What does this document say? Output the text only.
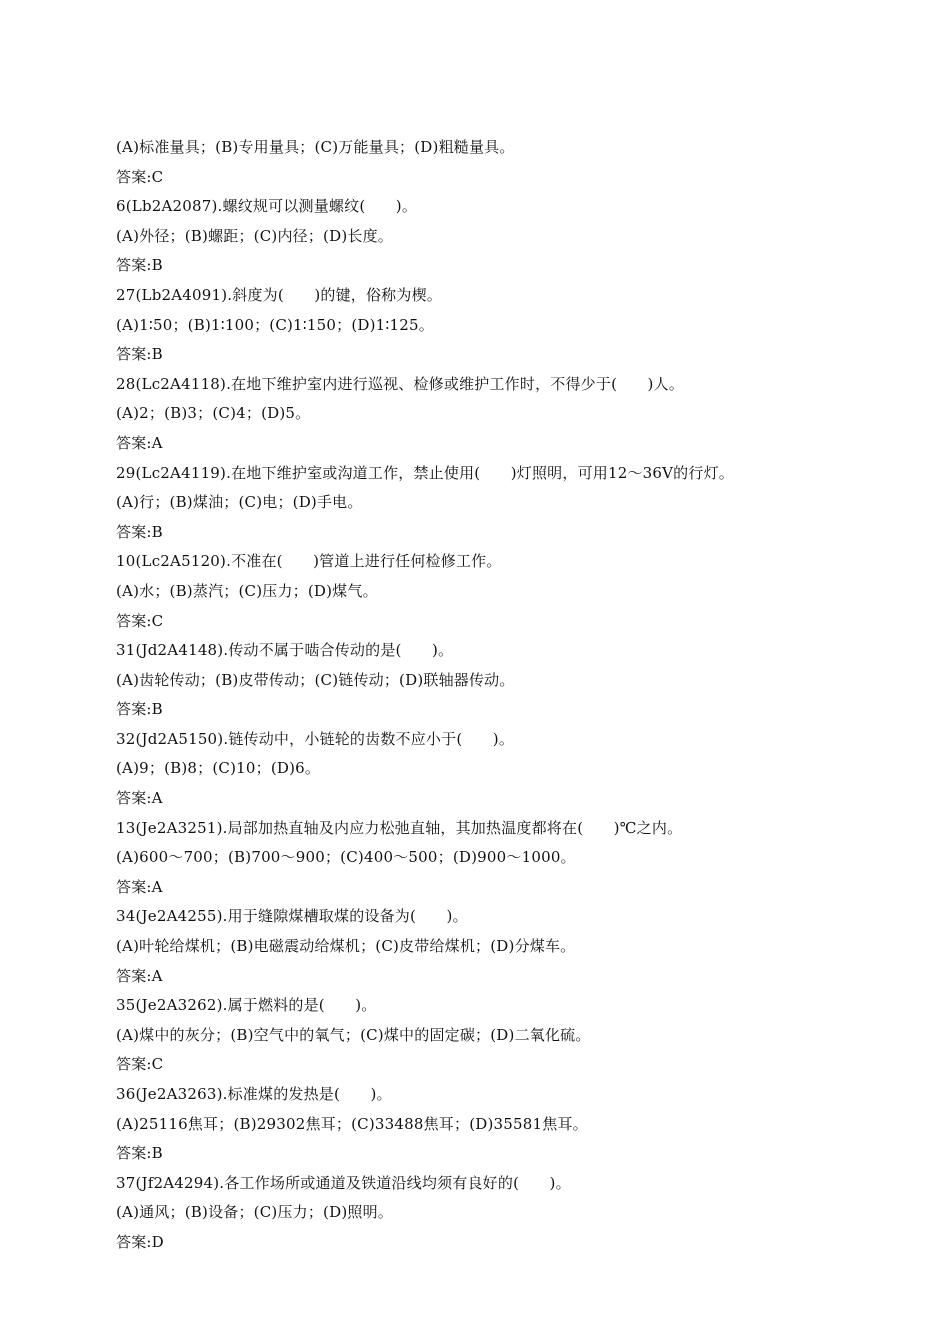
(A)标准量具；(B)专用量具；(C)万能量具；(D)粗糙量具。
答案:C
6(Lb2A2087).螺纹规可以测量螺纹(　　)。
(A)外径；(B)螺距；(C)内径；(D)长度。
答案:B
27(Lb2A4091).斜度为(　　)的键，俗称为楔。
(A)1∶50；(B)1∶100；(C)1∶150；(D)1∶125。
答案:B
28(Lc2A4118).在地下维护室内进行巡视、检修或维护工作时，不得少于(　　)人。
(A)2；(B)3；(C)4；(D)5。
答案:A
29(Lc2A4119).在地下维护室或沟道工作，禁止使用(　　)灯照明，可用12～36V的行灯。
(A)行；(B)煤油；(C)电；(D)手电。
答案:B
10(Lc2A5120).不准在(　　)管道上进行任何检修工作。
(A)水；(B)蒸汽；(C)压力；(D)煤气。
答案:C
31(Jd2A4148).传动不属于啮合传动的是(　　)。
(A)齿轮传动；(B)皮带传动；(C)链传动；(D)联轴器传动。
答案:B
32(Jd2A5150).链传动中，小链轮的齿数不应小于(　　)。
(A)9；(B)8；(C)10；(D)6。
答案:A
13(Je2A3251).局部加热直轴及内应力松弛直轴，其加热温度都将在(　　)℃之内。
(A)600～700；(B)700～900；(C)400～500；(D)900～1000。
答案:A
34(Je2A4255).用于缝隙煤槽取煤的设备为(　　)。
(A)叶轮给煤机；(B)电磁震动给煤机；(C)皮带给煤机；(D)分煤车。
答案:A
35(Je2A3262).属于燃料的是(　　)。
(A)煤中的灰分；(B)空气中的氧气；(C)煤中的固定碳；(D)二氧化硫。
答案:C
36(Je2A3263).标准煤的发热是(　　)。
(A)25116焦耳；(B)29302焦耳；(C)33488焦耳；(D)35581焦耳。
答案:B
37(Jf2A4294).各工作场所或通道及铁道沿线均须有良好的(　　)。
(A)通风；(B)设备；(C)压力；(D)照明。
答案:D
